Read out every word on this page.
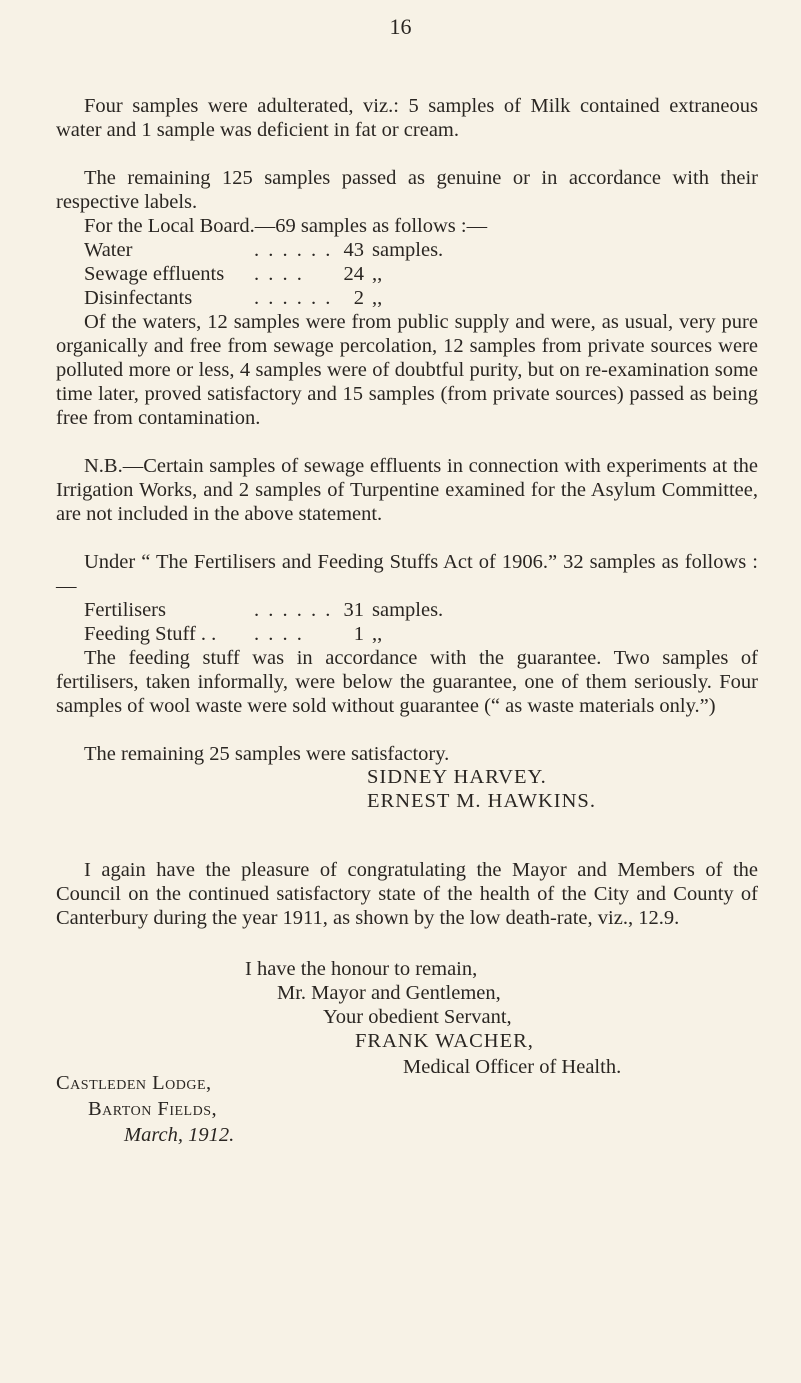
16

Four samples were adulterated, viz.: 5 samples of Milk contained extraneous water and 1 sample was deficient in fat or cream.

The remaining 125 samples passed as genuine or in accordance with their respective labels.

For the Local Board.—69 samples as follows :—

Water	. . . . . . 43 samples.
Sewage effluents . . . .	24 ,,
Disinfectants	. . . . . .	2 ,,

Of the waters, 12 samples were from public supply and were, as usual, very pure organically and free from sewage percolation, 12 samples from private sources were polluted more or less, 4 samples were of doubtful purity, but on re-examination some time later, proved satisfactory and 15 samples (from private sources) passed as being free from contamination.

N.B.—Certain samples of sewage effluents in connection with experiments at the Irrigation Works, and 2 samples of Turpentine examined for the Asylum Committee, are not included in the above statement.

Under “ The Fertilisers and Feeding Stuffs Act of 1906.” 32 samples as follows :—

Fertilisers	. . . . . . 31 samples.
Feeding Stuff . . . . . .	1 ,,

The feeding stuff was in accordance with the guarantee. Two samples of fertilisers, taken informally, were below the guarantee, one of them seriously. Four samples of wool waste were sold without guarantee (“ as waste materials only.”)

The remaining 25 samples were satisfactory.

SIDNEY HARVEY.
ERNEST M. HAWKINS.

I again have the pleasure of congratulating the Mayor and Members of the Council on the continued satisfactory state of the health of the City and County of Canterbury during the year 1911, as shown by the low death-rate, viz., 12.9.

I have the honour to remain,
Mr. Mayor and Gentlemen,
Your obedient Servant,
FRANK WACHER,
Medical Officer of Health.
Castleden Lodge,
Barton Fields,
March, 1912.
